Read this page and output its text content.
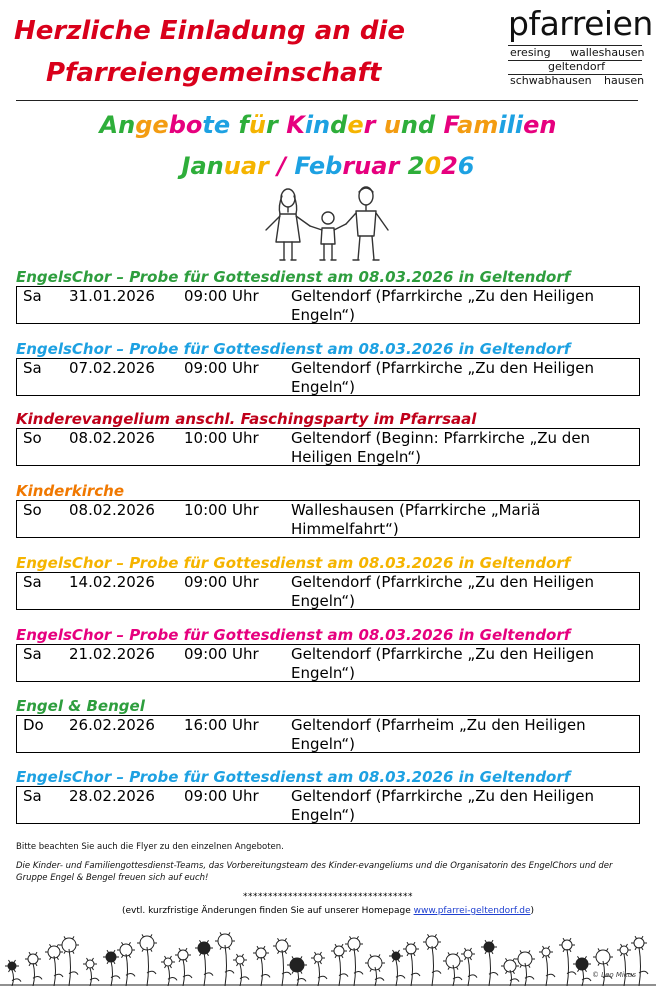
Herzliche Einladung an die
Pfarreiengemeinschaft
pfarreien
eresing walleshausen
geltendorf
schwabhausen hausen
Angebote für Kinder und Familien
Januar / Februar 2026
EngelsChor – Probe für Gottesdienst am 08.03.2026 in Geltendorf
Sa 31.01.2026 09:00 Uhr Geltendorf (Pfarrkirche „Zu den Heiligen Engeln“)
EngelsChor – Probe für Gottesdienst am 08.03.2026 in Geltendorf
Sa 07.02.2026 09:00 Uhr Geltendorf (Pfarrkirche „Zu den Heiligen Engeln“)
Kinderevangelium anschl. Faschingsparty im Pfarrsaal
So 08.02.2026 10:00 Uhr Geltendorf (Beginn: Pfarrkirche „Zu den Heiligen Engeln“)
Kinderkirche
So 08.02.2026 10:00 Uhr Walleshausen (Pfarrkirche „Mariä Himmelfahrt“)
EngelsChor – Probe für Gottesdienst am 08.03.2026 in Geltendorf
Sa 14.02.2026 09:00 Uhr Geltendorf (Pfarrkirche „Zu den Heiligen Engeln“)
EngelsChor – Probe für Gottesdienst am 08.03.2026 in Geltendorf
Sa 21.02.2026 09:00 Uhr Geltendorf (Pfarrkirche „Zu den Heiligen Engeln“)
Engel & Bengel
Do 26.02.2026 16:00 Uhr Geltendorf (Pfarrheim „Zu den Heiligen Engeln“)
EngelsChor – Probe für Gottesdienst am 08.03.2026 in Geltendorf
Sa 28.02.2026 09:00 Uhr Geltendorf (Pfarrkirche „Zu den Heiligen Engeln“)
Bitte beachten Sie auch die Flyer zu den einzelnen Angeboten.
Die Kinder- und Familiengottesdienst-Teams, das Vorbereitungsteam des Kinder-evangeliums und die Organisatorin des EngelChors und der Gruppe Engel & Bengel freuen sich auf euch!
**********************************
(evtl. kurzfristige Änderungen finden Sie auf unserer Homepage www.pfarrei-geltendorf.de)
© Leo Mikus
